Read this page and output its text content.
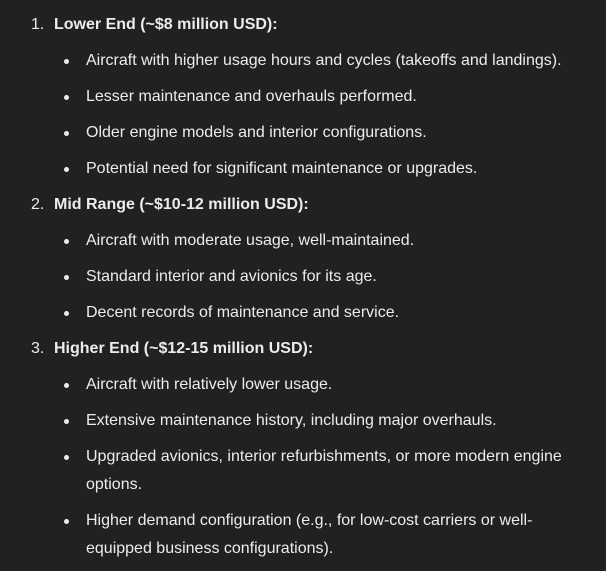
1. Lower End (~$8 million USD):
Aircraft with higher usage hours and cycles (takeoffs and landings).
Lesser maintenance and overhauls performed.
Older engine models and interior configurations.
Potential need for significant maintenance or upgrades.
2. Mid Range (~$10-12 million USD):
Aircraft with moderate usage, well-maintained.
Standard interior and avionics for its age.
Decent records of maintenance and service.
3. Higher End (~$12-15 million USD):
Aircraft with relatively lower usage.
Extensive maintenance history, including major overhauls.
Upgraded avionics, interior refurbishments, or more modern engine options.
Higher demand configuration (e.g., for low-cost carriers or well-equipped business configurations).
